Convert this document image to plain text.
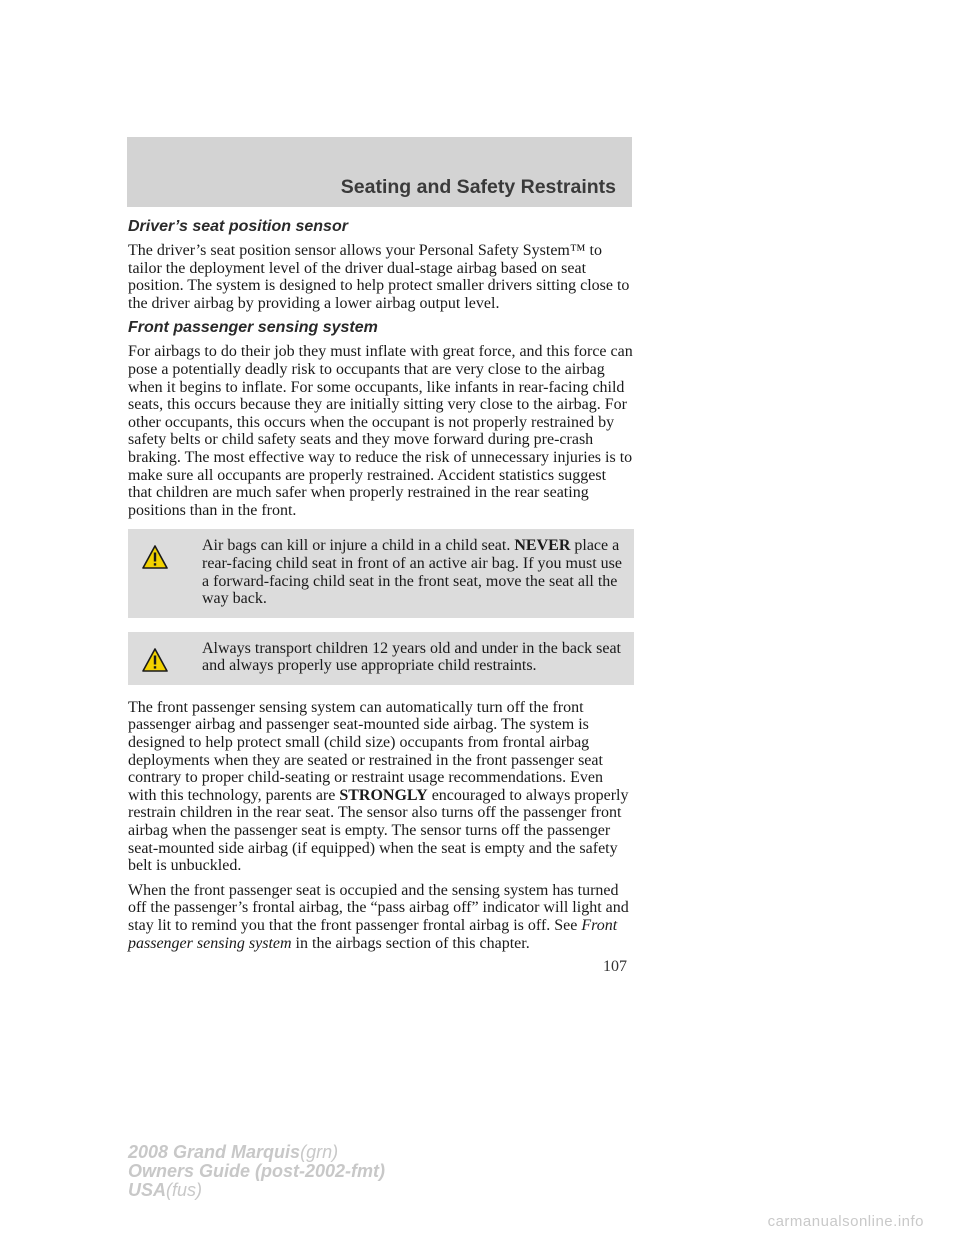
Seating and Safety Restraints
Driver’s seat position sensor

The driver’s seat position sensor allows your Personal Safety System™ to tailor the deployment level of the driver dual-stage airbag based on seat position. The system is designed to help protect smaller drivers sitting close to the driver airbag by providing a lower airbag output level.

Front passenger sensing system

For airbags to do their job they must inflate with great force, and this force can pose a potentially deadly risk to occupants that are very close to the airbag when it begins to inflate. For some occupants, like infants in rear-facing child seats, this occurs because they are initially sitting very close to the airbag. For other occupants, this occurs when the occupant is not properly restrained by safety belts or child safety seats and they move forward during pre-crash braking. The most effective way to reduce the risk of unnecessary injuries is to make sure all occupants are properly restrained. Accident statistics suggest that children are much safer when properly restrained in the rear seating positions than in the front.

Air bags can kill or injure a child in a child seat. NEVER place a rear-facing child seat in front of an active air bag. If you must use a forward-facing child seat in the front seat, move the seat all the way back.
Always transport children 12 years old and under in the back seat and always properly use appropriate child restraints.

The front passenger sensing system can automatically turn off the front passenger airbag and passenger seat-mounted side airbag. The system is designed to help protect small (child size) occupants from frontal airbag deployments when they are seated or restrained in the front passenger seat contrary to proper child-seating or restraint usage recommendations. Even with this technology, parents are STRONGLY encouraged to always properly restrain children in the rear seat. The sensor also turns off the passenger front airbag when the passenger seat is empty. The sensor turns off the passenger seat-mounted side airbag (if equipped) when the seat is empty and the safety belt is unbuckled.

When the front passenger seat is occupied and the sensing system has turned off the passenger’s frontal airbag, the “pass airbag off” indicator will light and stay lit to remind you that the front passenger frontal airbag is off. See Front passenger sensing system in the airbags section of this chapter.

107
2008 Grand Marquis(grn)
Owners Guide (post-2002-fmt)
USA(fus)
carmanualsonline.info
